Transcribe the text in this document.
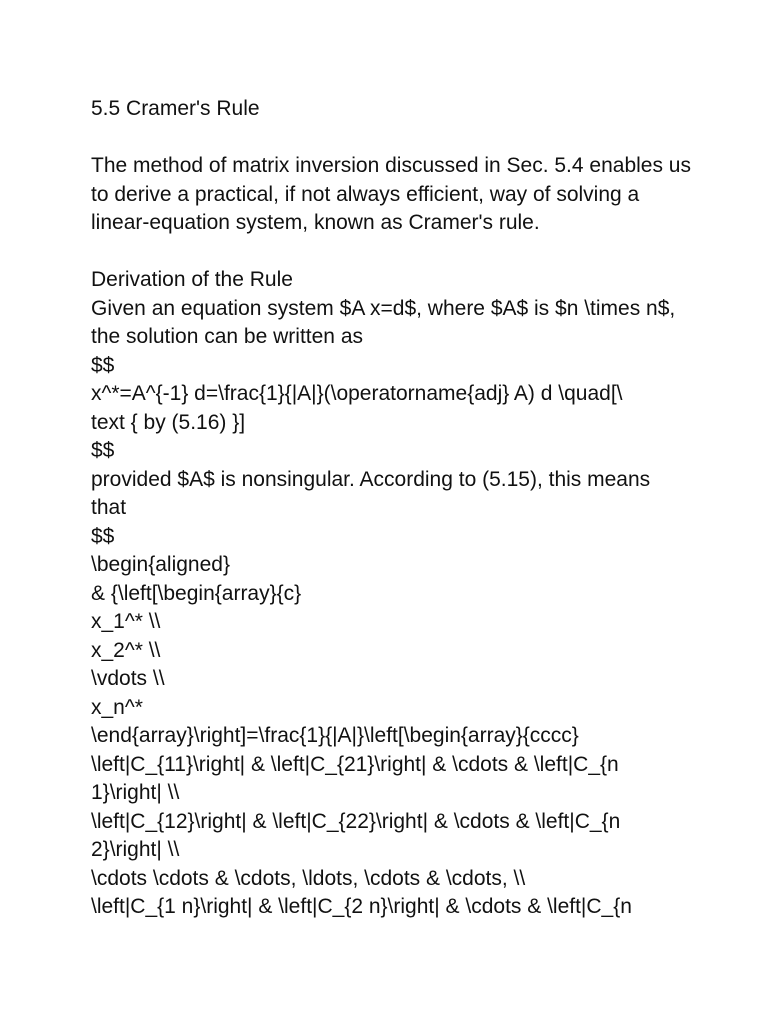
5.5 Cramer's Rule
The method of matrix inversion discussed in Sec. 5.4 enables us
to derive a practical, if not always efficient, way of solving a
linear-equation system, known as Cramer's rule.
Derivation of the Rule
Given an equation system $A x=d$, where $A$ is $n \times n$,
the solution can be written as
$$
x^*=A^{-1} d=\frac{1}{|A|}(\operatorname{adj} A) d \quad[\
text { by (5.16) }]
$$
provided $A$ is nonsingular. According to (5.15), this means
that
$$
\begin{aligned}
& {\left[\begin{array}{c}
x_1^* \\
x_2^* \\
\vdots \\
x_n^*
\end{array}\right]=\frac{1}{|A|}\left[\begin{array}{cccc}
\left|C_{11}\right| & \left|C_{21}\right| & \cdots & \left|C_{n
1}\right| \\
\left|C_{12}\right| & \left|C_{22}\right| & \cdots & \left|C_{n
2}\right| \\
\cdots \cdots & \cdots, \ldots, \cdots & \cdots, \\
\left|C_{1 n}\right| & \left|C_{2 n}\right| & \cdots & \left|C_{n
